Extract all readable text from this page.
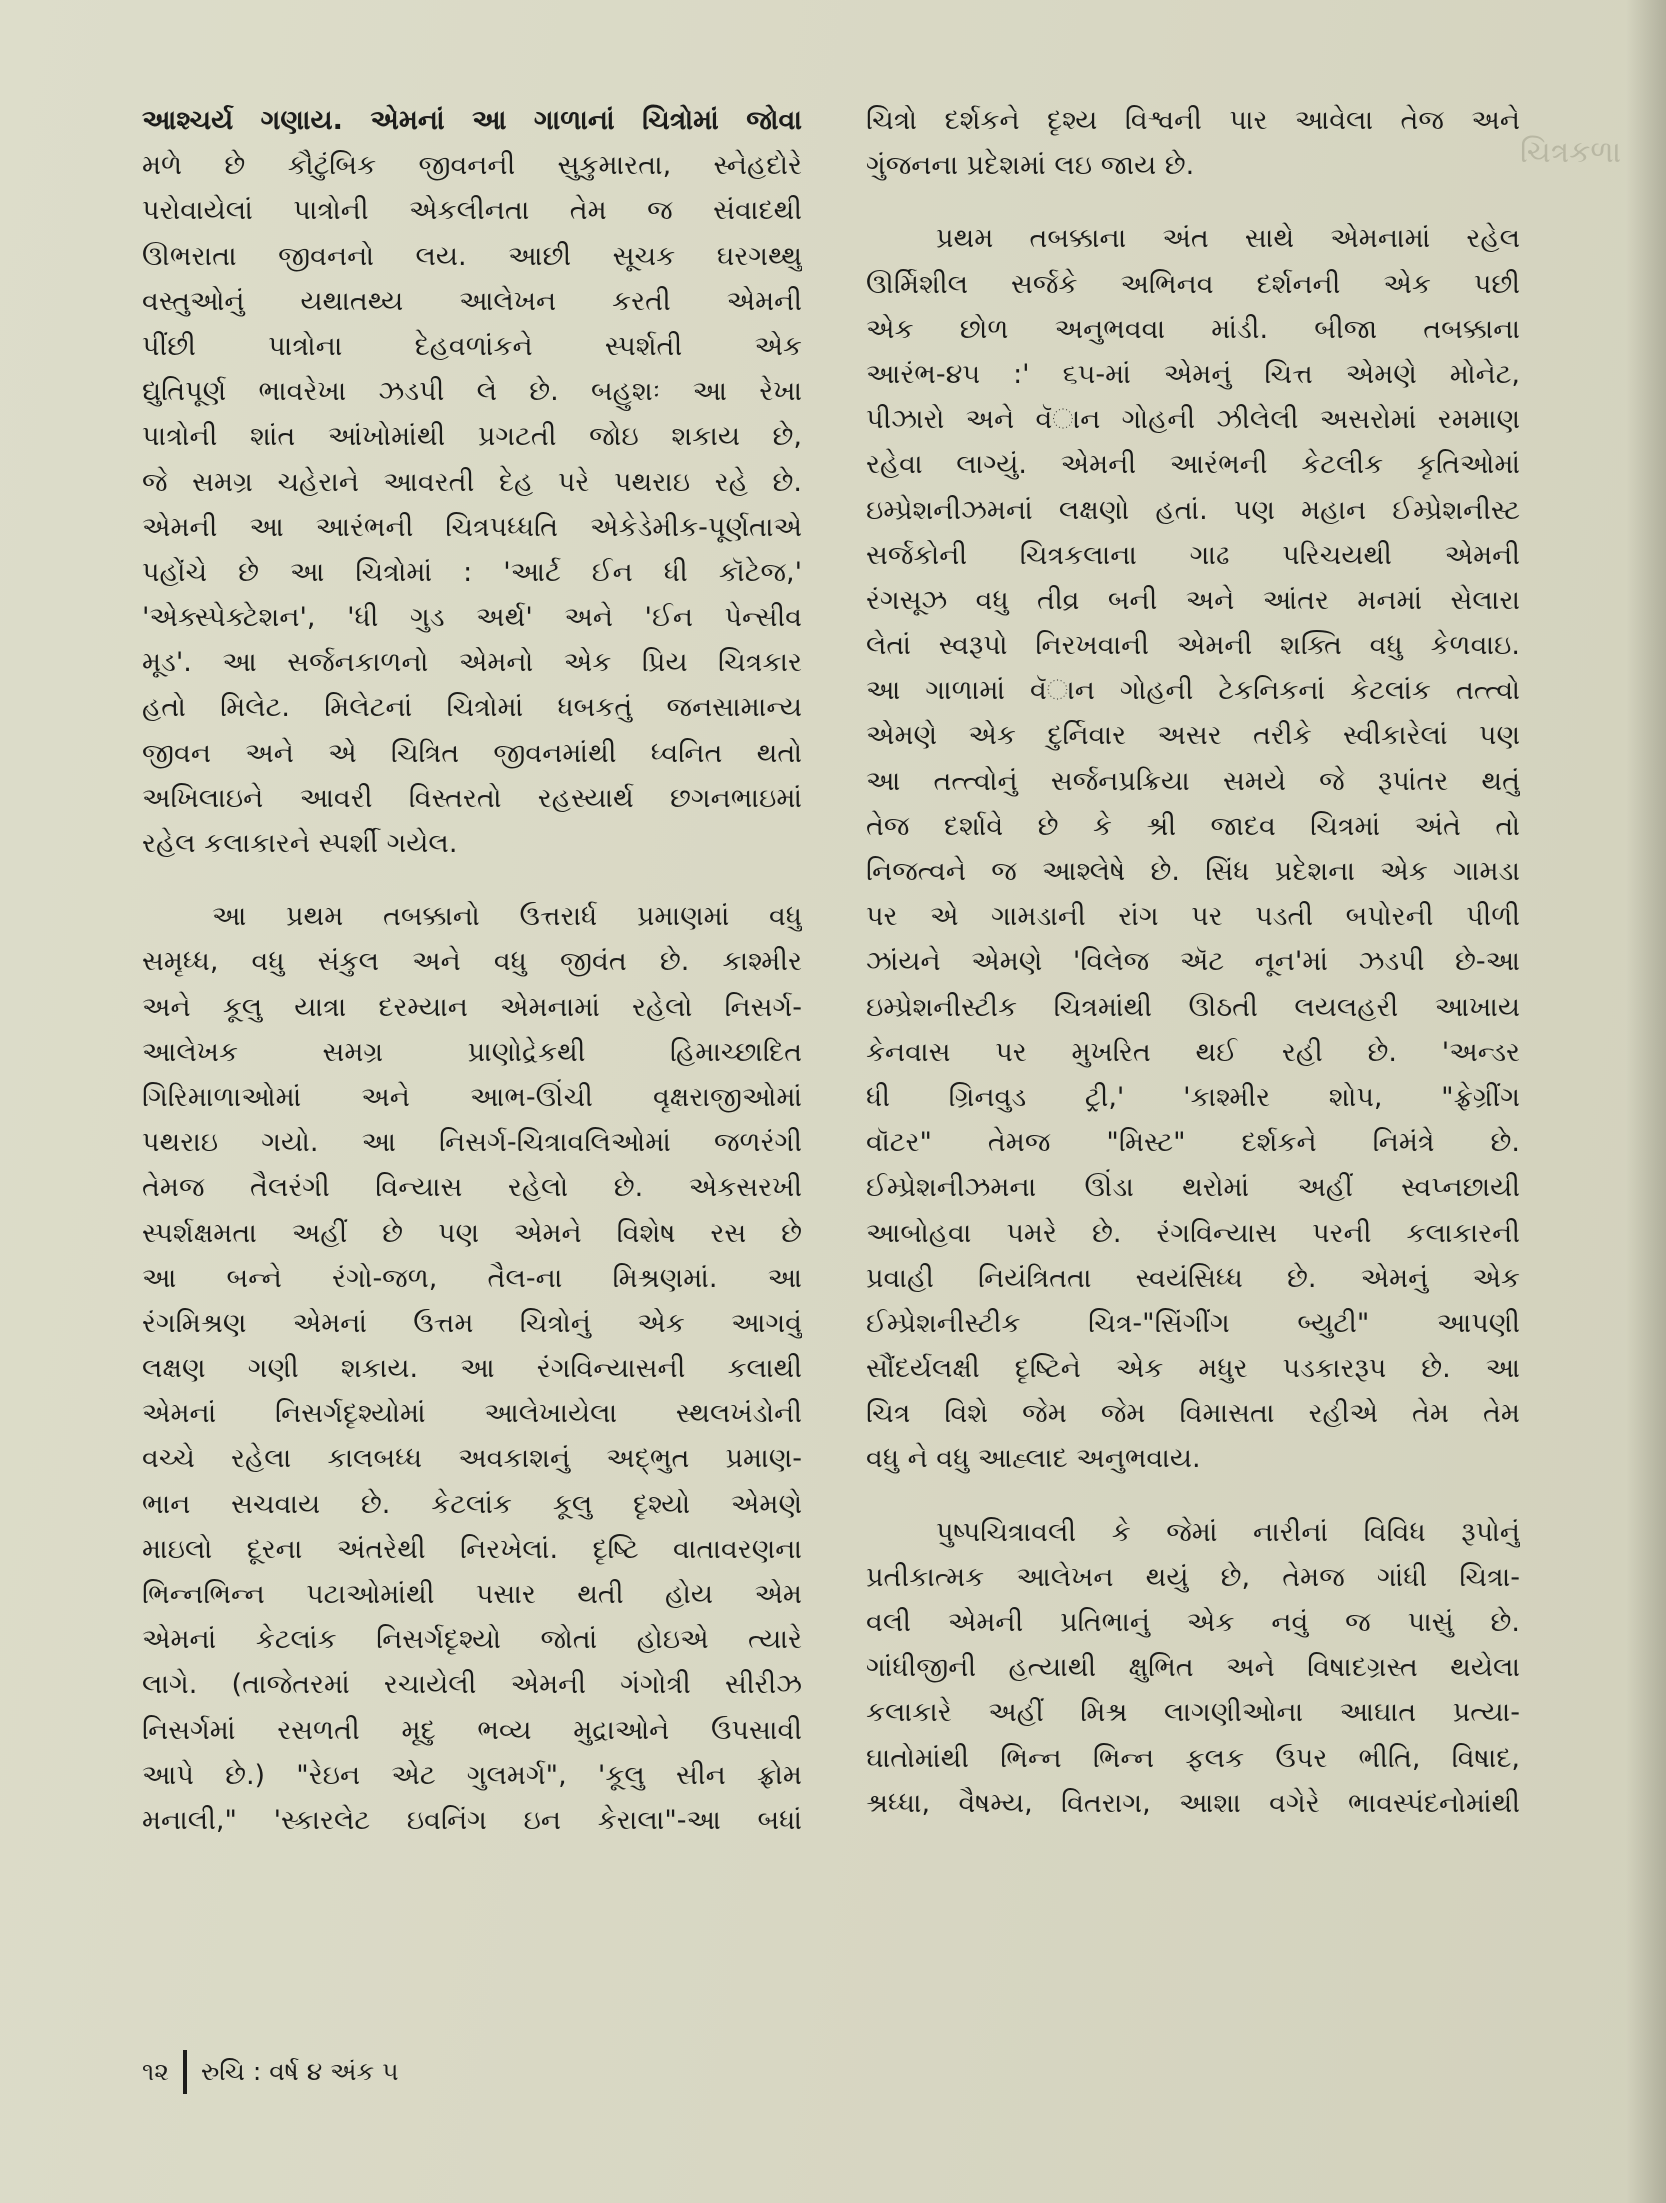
ચિત્રકળા
આશ્ચર્ય ગણાય. એમનાં આ ગાળાનાં ચિત્રોમાં જોવા
મળે છે કૌટુંબિક જીવનની સુકુમારતા, સ્નેહદોરે
પરોવાયેલાં પાત્રોની એકલીનતા તેમ જ સંવાદથી
ઊભરાતા જીવનનો લય. આછી સૂચક ઘરગથ્થુ
વસ્તુઓનું યથાતથ્ય આલેખન કરતી એમની
પીંછી પાત્રોના દેહવળાંકને સ્પર્શતી એક
દ્યુતિપૂર્ણ ભાવરેખા ઝડપી લે છે. બહુશઃ આ રેખા
પાત્રોની શાંત આંખોમાંથી પ્રગટતી જોઇ શકાય છે,
જે સમગ્ર ચહેરાને આવરતી દેહ પરે પથરાઇ રહે છે.
એમની આ આરંભની ચિત્રપધ્ધતિ એકેડેમીક-પૂર્ણતાએ
પહોંચે છે આ ચિત્રોમાં : 'આર્ટ ઈન ધી કૉટેજ,'
'એક્સ્પેક્ટેશન', 'ધી ગુડ અર્થ' અને 'ઈન પેન્સીવ
મૂડ'. આ સર્જનકાળનો એમનો એક પ્રિય ચિત્રકાર
હતો મિલેટ. મિલેટનાં ચિત્રોમાં ધબકતું જનસામાન્ય
જીવન અને એ ચિત્રિત જીવનમાંથી ધ્વનિત થતો
અખિલાઇને આવરી વિસ્તરતો રહસ્યાર્થ છગનભાઇમાં
રહેલ કલાકારને સ્પર્શી ગયેલ.
આ પ્રથમ તબક્કાનો ઉત્તરાર્ધ પ્રમાણમાં વધુ
સમૃધ્ધ, વધુ સંકુલ અને વધુ જીવંત છે. કાશ્મીર
અને કૂલુ યાત્રા દરમ્યાન એમનામાં રહેલો નિસર્ગ-
આલેખક સમગ્ર પ્રાણોદ્રેકથી હિમાચ્છાદિત
ગિરિમાળાઓમાં અને આભ-ઊંચી વૃક્ષરાજીઓમાં
પથરાઇ ગયો. આ નિસર્ગ-ચિત્રાવલિઓમાં જળરંગી
તેમજ તૈલરંગી વિન્યાસ રહેલો છે. એકસરખી
સ્પર્શક્ષમતા અહીં છે પણ એમને વિશેષ રસ છે
આ બન્ને રંગો-જળ, તૈલ-ના મિશ્રણમાં. આ
રંગમિશ્રણ એમનાં ઉત્તમ ચિત્રોનું એક આગવું
લક્ષણ ગણી શકાય. આ રંગવિન્યાસની કલાથી
એમનાં નિસર્ગદૃશ્યોમાં આલેખાયેલા સ્થલખંડોની
વચ્ચે રહેલા કાલબધ્ધ અવકાશનું અદ્ભુત પ્રમાણ-
ભાન સચવાય છે. કેટલાંક કૂલુ દૃશ્યો એમણે
માઇલો દૂરના અંતરેથી નિરખેલાં. દૃષ્ટિ વાતાવરણના
ભિન્નભિન્ન પટાઓમાંથી પસાર થતી હોય એમ
એમનાં કેટલાંક નિસર્ગદૃશ્યો જોતાં હોઇએ ત્યારે
લાગે. (તાજેતરમાં રચાયેલી એમની ગંગોત્રી સીરીઝ
નિસર્ગમાં રસળતી મૃદુ ભવ્ય મુદ્રાઓને ઉપસાવી
આપે છે.) "રેઇન એટ ગુલમર્ગ", 'કૂલુ સીન ફ્રોમ
મનાલી," 'સ્કારલેટ ઇવનિંગ ઇન કેરાલા"-આ બધાં
ચિત્રો દર્શકને દૃશ્ય વિશ્વની પાર આવેલા તેજ અને
ગુંજનના પ્રદેશમાં લઇ જાય છે.
પ્રથમ તબક્કાના અંત સાથે એમનામાં રહેલ
ઊર્મિશીલ સર્જકે અભિનવ દર્શનની એક પછી
એક છોળ અનુભવવા માંડી. બીજા તબક્કાના
આરંભ-૪૫ :' ૬૫-માં એમનું ચિત્ત એમણે મોનેટ,
પીઝારો અને વૅાન ગોહની ઝીલેલી અસરોમાં રમમાણ
રહેવા લાગ્યું. એમની આરંભની કેટલીક કૃતિઓમાં
ઇમ્પ્રેશનીઝમનાં લક્ષણો હતાં. પણ મહાન ઈમ્પ્રેશનીસ્ટ
સર્જકોની ચિત્રકલાના ગાઢ પરિચયથી એમની
રંગસૂઝ વધુ તીવ્ર બની અને આંતર મનમાં સેલારા
લેતાં સ્વરૂપો નિરખવાની એમની શક્તિ વધુ કેળવાઇ.
આ ગાળામાં વૅાન ગોહની ટેકનિકનાં કેટલાંક તત્ત્વો
એમણે એક દુર્નિવાર અસર તરીકે સ્વીકારેલાં પણ
આ તત્ત્વોનું સર્જનપ્રક્રિયા સમયે જે રૂપાંતર થતું
તેજ દર્શાવે છે કે શ્રી જાદવ ચિત્રમાં અંતે તો
નિજત્વને જ આશ્લેષે છે. સિંધ પ્રદેશના એક ગામડા
પર એ ગામડાની રાંગ પર પડતી બપોરની પીળી
ઝાંયને એમણે 'વિલેજ ઍટ નૂન'માં ઝડપી છે-આ
ઇમ્પ્રેશનીસ્ટીક ચિત્રમાંથી ઊઠતી લયલહરી આખાય
કેનવાસ પર મુખરિત થઈ રહી છે. 'અન્ડર
ધી ગ્રિનવુડ ટ્રી,' 'કાશ્મીર શોપ, "ફ્રેગ્રીંગ
વૉટર" તેમજ "મિસ્ટ" દર્શકને નિમંત્રે છે.
ઈમ્પ્રેશનીઝમના ઊંડા થરોમાં અહીં સ્વપ્નછાયી
આબોહવા પમરે છે. રંગવિન્યાસ પરની કલાકારની
પ્રવાહી નિયંત્રિતતા સ્વયંસિધ્ધ છે. એમનું એક
ઈમ્પ્રેશનીસ્ટીક ચિત્ર-"સિંગીંગ બ્યુટી" આપણી
સૌંદર્યલક્ષી દૃષ્ટિને એક મધુર પડકારરૂપ છે. આ
ચિત્ર વિશે જેમ જેમ વિમાસતા રહીએ તેમ તેમ
વધુ ને વધુ આહ્લાદ અનુભવાય.
પુષ્પચિત્રાવલી કે જેમાં નારીનાં વિવિધ રૂપોનું
પ્રતીકાત્મક આલેખન થયું છે, તેમજ ગાંધી ચિત્રા-
વલી એમની પ્રતિભાનું એક નવું જ પાસું છે.
ગાંધીજીની હત્યાથી ક્ષુભિત અને વિષાદગ્રસ્ત થયેલા
કલાકારે અહીં મિશ્ર લાગણીઓના આઘાત પ્રત્યા-
ઘાતોમાંથી ભિન્ન ભિન્ન ફલક ઉપર ભીતિ, વિષાદ,
શ્રધ્ધા, વૈષમ્ય, વિતરાગ, આશા વગેરે ભાવસ્પંદનોમાંથી
૧૨ રુચિ : વર્ષ ૪ અંક ૫
